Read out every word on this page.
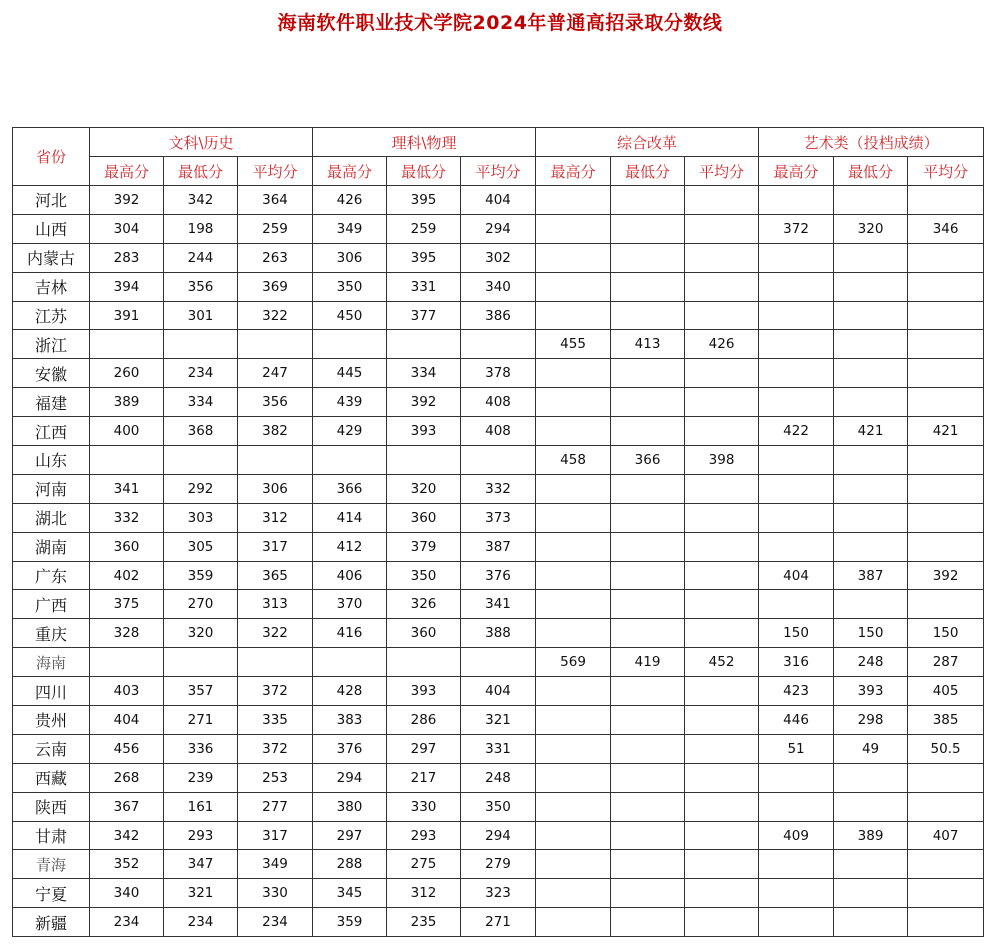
海南软件职业技术学院2024年普通高招录取分数线
省份	文科\历史			理科\物理			综合改革			艺术类（投档成绩）		
	最高分	最低分	平均分	最高分	最低分	平均分	最高分	最低分	平均分	最高分	最低分	平均分
河北	392	342	364	426	395	404						
山西	304	198	259	349	259	294				372	320	346
内蒙古	283	244	263	306	395	302						
吉林	394	356	369	350	331	340						
江苏	391	301	322	450	377	386						
浙江							455	413	426			
安徽	260	234	247	445	334	378						
福建	389	334	356	439	392	408						
江西	400	368	382	429	393	408				422	421	421
山东							458	366	398			
河南	341	292	306	366	320	332						
湖北	332	303	312	414	360	373						
湖南	360	305	317	412	379	387						
广东	402	359	365	406	350	376				404	387	392
广西	375	270	313	370	326	341						
重庆	328	320	322	416	360	388				150	150	150
海南							569	419	452	316	248	287
四川	403	357	372	428	393	404				423	393	405
贵州	404	271	335	383	286	321				446	298	385
云南	456	336	372	376	297	331				51	49	50.5
西藏	268	239	253	294	217	248						
陕西	367	161	277	380	330	350						
甘肃	342	293	317	297	293	294				409	389	407
青海	352	347	349	288	275	279						
宁夏	340	321	330	345	312	323						
新疆	234	234	234	359	235	271						
